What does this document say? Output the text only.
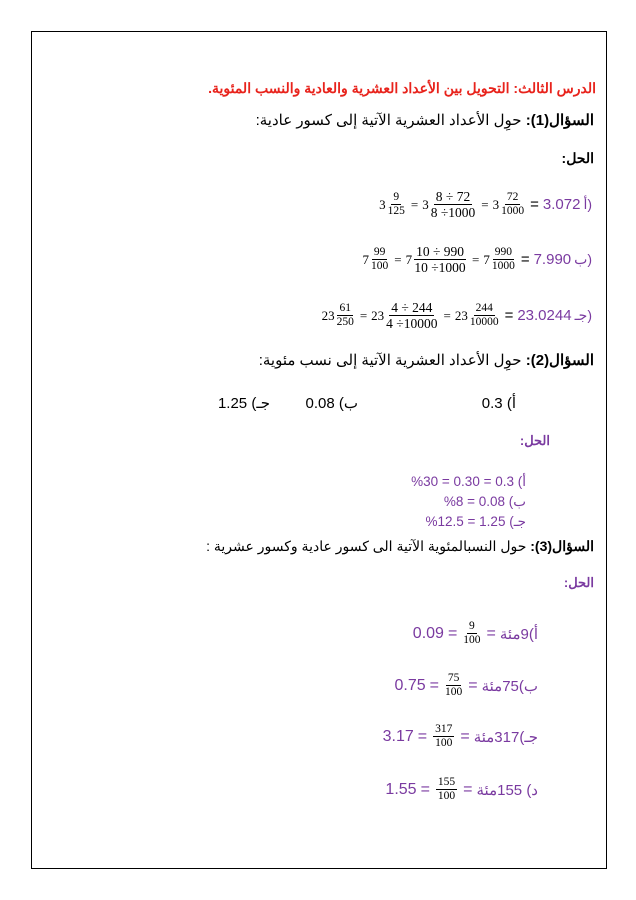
الدرس الثالث: التحويل بين الأعداد العشرية والعادية والنسب المئوية.
السؤال(1): حوِل الأعداد العشرية الآتية إلى كسور عادية:
الحل:
$3 \frac{9}{125} = 3 \frac{8 \div 72}{8 \div 1000} = 3 \frac{72}{1000} = 3.072$ أ)
$7 \frac{99}{100} = 7 \frac{10 \div 990}{10 \div 1000} = 7 \frac{990}{1000} = 7.990$ ب)
$23 \frac{61}{250} = 23 \frac{4 \div 244}{4 \div 10000} = 23 \frac{244}{10000} = 23.0244$ جـ)
السؤال(2): حوِل الأعداد العشرية الآتية إلى نسب مئوية:
أ) 0.3
ب) 0.08
جـ) 1.25
الحل:
أ) 0.3 = 0.30 = 30%
ب) 0.08 = 8%
جـ) 1.25 = 12.5%
السؤال(3): حول النسبالمئوية الآتية الى كسور عادية وكسور عشرية :
الحل:
$0.09 = \frac{9}{100}$ =	أ)9مئة
$0.75 = \frac{75}{100}$ =	ب)75مئة
$3.17 = \frac{317}{100}$ =	جـ)317مئة
$1.55 = \frac{155}{100}$ =	د) 155مئة
